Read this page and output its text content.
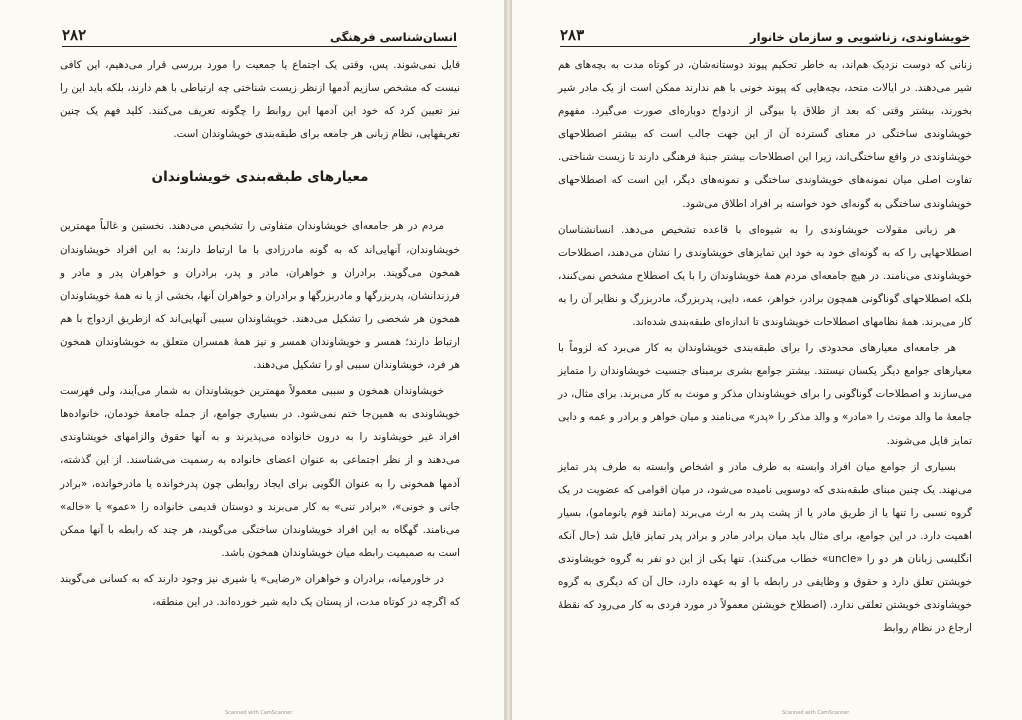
۲۸۲	انسان‌شناسی فرهنگی

قایل نمی‌شوند. پس، وقتی یک اجتماع یا جمعیت را مورد بررسی قرار می‌دهیم، این کافی نیست که مشخص سازیم آدمها ازنظر زیست شناختی چه ارتباطی با هم دارند، بلکه باید این را نیز تعیین کرد که خود این آدمها این روابط را چگونه تعریف می‌کنند. کلید فهم یک چنین تعریفهایی، نظام زبانی هر جامعه برای طبقه‌بندی خویشاوندان است.

معیارهای طبقه‌بندی خویشاوندان

مردم در هر جامعه‌ای خویشاوندان متفاوتی را تشخیص می‌دهند. نخستین و غالباً مهمترین خویشاوندان، آنهایی‌اند که به گونه مادرزادی با ما ارتباط دارند؛ به این افراد خویشاوندان همخون می‌گویند. برادران و خواهران، مادر و پدر، برادران و خواهران پدر و مادر و فرزندانشان، پدربزرگها و مادربزرگها و برادران و خواهران آنها، بخشی از یا نه همهٔ خویشاوندان همخون هر شخصی را تشکیل می‌دهند. خویشاوندان سببی آنهایی‌اند که ازطریق ازدواج با هم ارتباط دارند؛ همسر و خویشاوندان همسر و نیز همهٔ همسران متعلق به خویشاوندان همخون هر فرد، خویشاوندان سببی او را تشکیل می‌دهند.

خویشاوندان همخون و سببی معمولاً مهمترین خویشاوندان به شمار می‌آیند، ولی فهرست خویشاوندی به همین‌جا ختم نمی‌شود. در بسیاری جوامع، از جمله جامعهٔ خودمان، خانواده‌ها افراد غیر خویشاوند را به درون خانواده می‌پذیرند و به آنها حقوق والزامهای خویشاوندی می‌دهند و از نظر اجتماعی به عنوان اعضای خانواده به رسمیت می‌شناسند. از این گذشته، آدمها همخونی را به عنوان الگویی برای ایجاد روابطی چون پدرخوانده یا مادرخوانده، «برادر جانی و خونی»، «برادر تنی» به کار می‌برند و دوستان قدیمی خانواده را «عمو» یا «خاله» می‌نامند. گهگاه به این افراد خویشاوندان ساختگی می‌گویند، هر چند که رابطه با آنها ممکن است به صمیمیت رابطه میان خویشاوندان همخون باشد.

در خاورمیانه، برادران و خواهران «رضایی» یا شیری نیز وجود دارند که به کسانی می‌گویند که اگرچه در کوتاه مدت، از پستان یک دایه شیر خورده‌اند. در این منطقه،

Scanned with CamScanner
۲۸۳	خویشاوندی، زناشویی و سازمان خانوار

زنانی که دوست نزدیک هم‌اند، به خاطر تحکیم پیوند دوستانه‌شان، در کوتاه مدت به بچه‌های هم شیر می‌دهند. در ایالات متحد، بچه‌هایی که پیوند خونی با هم ندارند ممکن است از یک مادر شیر بخورند، بیشتر وقتی که بعد از طلاق یا بیوگی از ازدواج دوباره‌ای صورت می‌گیرد. مفهوم خویشاوندی ساختگی در معنای گسترده آن از این جهت جالب است که بیشتر اصطلاحهای خویشاوندی در واقع ساختگی‌اند، زیرا این اصطلاحات بیشتر جنبهٔ فرهنگی دارند تا زیست شناختی. تفاوت اصلی میان نمونه‌های خویشاوندی ساختگی و نمونه‌های دیگر، این است که اصطلاحهای خویشاوندی ساختگی به گونه‌ای خود خواسته بر افراد اطلاق می‌شود.

هر زبانی مقولات خویشاوندی را به شیوه‌ای با قاعده تشخیص می‌دهد. انسانشناسان اصطلاحهایی را که به گونه‌ای خود به خود این تمایزهای خویشاوندی را نشان می‌دهند، اصطلاحات خویشاوندی می‌نامند. در هیچ جامعه‌ای مردم همهٔ خویشاوندان را با یک اصطلاح مشخص نمی‌کنند، بلکه اصطلاحهای گوناگونی همچون برادر، خواهر، عمه، دایی، پدربزرگ، مادربزرگ و نظایر آن را به کار می‌برند. همهٔ نظامهای اصطلاحات خویشاوندی تا اندازه‌ای طبقه‌بندی شده‌اند.

هر جامعه‌ای معیارهای محدودی را برای طبقه‌بندی خویشاوندان به کار می‌برد که لزوماً با معیارهای جوامع دیگر یکسان نیستند. بیشتر جوامع بشری برمبنای جنسیت خویشاوندان را متمایز می‌سازند و اصطلاحات گوناگونی را برای خویشاوندان مذکر و مونث به کار می‌برند. برای مثال، در جامعهٔ ما والد مونث را «مادر» و والد مذکر را «پدر» می‌نامند و میان خواهر و برادر و عمه و دایی تمایز قایل می‌شوند.

بسیاری از جوامع میان افراد وابسته به طرف مادر و اشخاص وابسته به طرف پدر تمایز می‌نهند. یک چنین مبنای طبقه‌بندی که دوسویی نامیده می‌شود، در میان اقوامی که عضویت در یک گروه نسبی را تنها یا از طریق مادر یا از پشت پدر به ارث می‌برند (مانند قوم یانومامو)، بسیار اهمیت دارد. در این جوامع، برای مثال باید میان برادر مادر و برادر پدر تمایز قایل شد (حال آنکه انگلیسی زبانان هر دو را «uncle» خطاب می‌کنند). تنها یکی از این دو نفر به گروه خویشاوندی خویشتن تعلق دارد و حقوق و وظایفی در رابطه با او به عهده دارد، حال آن که دیگری به گروه خویشاوندی خویشتن تعلقی ندارد. (اصطلاح خویشتن معمولاً در مورد فردی به کار می‌رود که نقطهٔ ارجاع در نظام روابط

Scanned with CamScanner
